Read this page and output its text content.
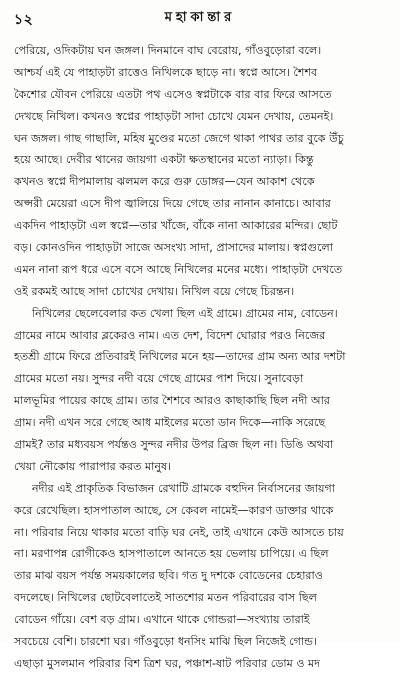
১২	মহাকান্তার
পেরিয়ে, ওদিকটায় ঘন জঙ্গল। দিনমানে বাঘ বেরোয়, গাঁওবুড়োরা বলে।
আশ্চর্য এই যে পাহাড়টা রাত্তেও নিখিলকে ছাড়ে না। স্বপ্নে আসে। শৈশব
কৈশোর যৌবন পেরিয়ে এতটা পথ এসেও স্বপ্নটাকে বার বার ফিরে আসতে
দেখছে নিখিল। কখনও স্বপ্নের পাহাড়টা সাদা চোখে যেমন দেখায়, তেমনই।
ঘন জঙ্গল। গাছ গাছালি, মহিষ মুণ্ডের মতো জেগে থাকা পাথর তার বুকে উঁচু
হয়ে আছে। দেবীর থানের জায়গা একটা ক্ষতস্থানের মতো ন্যাড়া। কিন্তু
কখনও স্বপ্নে দীপমালায় ঝলমল করে গুরু ডোঙ্গর—যেন আকাশ থেকে
অপ্সরী মেয়েরা এসে দীপ জ্বালিয়ে দিয়ে গেছে তার নানান কানাচে। আবার
একদিন পাহাড়টা এল স্বপ্নে—তার খাঁজে, বাঁকে নানা আকারের মন্দির। ছোট
বড়। কোনওদিন পাহাড়টা সাজে অসংখ্য সাদা, প্রাসাদের মালায়। স্বপ্নগুলো
এমন নানা রূপ ধরে এসে বসে আছে নিখিলের মনের মধ্যে। পাহাড়টা দেখতে
ওই রকমই আছে সাদা চোখের দেখায়। নিখিল বয়ে গেছে চিরন্তন।
নিখিলের ছেলেবেলার কত খেলা ছিল এই গ্রামে। গ্রামের নাম, বোডেন।
গ্রামের নামে আবার ব্লকেরও নাম। এত দেশ, বিদেশ ঘোরার পরও নিজের
হতশ্রী গ্রামে ফিরে প্রতিবারই নিখিলের মনে হয়—তাদের গ্রাম অন্য আর দশটা
গ্রামের মতো নয়। সুন্দর নদী বয়ে গেছে গ্রামের পাশ দিয়ে। সুনাবেড়া
মালভূমির পায়ের কাছে গ্রাম। তার শৈশবে আরও কাছাকাছি ছিল নদী আর
গ্রাম। নদী এখন সরে গেছে আধ মাইলের মতো ডান দিকে—নাকি সরেছে
গ্রামই? তার মধ্যবয়স পর্যন্তও সুন্দর নদীর উপর ব্রিজ ছিল না। ডিঙি অথবা
খেয়া নৌকোয় পারাপার করত মানুষ।
নদীর এই প্রাকৃতিক বিভাজন রেখাটি গ্রামকে বহুদিন নির্বাসনের জায়গা
করে রেখেছিল। হাসপাতাল আছে, সে কেবল নামেই—কারণ ডাক্তার থাকে
না। পরিবার নিয়ে থাকার মতো বাড়ি ঘর নেই, তাই এখানে কেউ আসতে চায়
না। মরণাপন্ন রোগীকেও হাসপাতালে আনতে হয় ভেলায় চাপিয়ে। এ ছিল
তার মাঝ বয়স পর্যন্ত সময়কালের ছবি। গত দু দশকে বোডেনের চেহারাও
বদলেছে। নিখিলের ছোটবেলাতেই সাতশোর মতন পরিবারের বাস ছিল
বোডেন গাঁয়ে। বেশ বড় গ্রাম। এখানে থাকে গোন্ডরা—সংখ্যায় তারাই
সবচেয়ে বেশি। চারশো ঘর। গাঁওবুড়ো ধনসিং মাঝি ছিল নিজেই গোন্ড।
এছাড়া মুসলমান পরিবার বিশ ত্রিশ ঘর, পঞ্চাশ-ষাট পরিবার ডোম ও মদ
